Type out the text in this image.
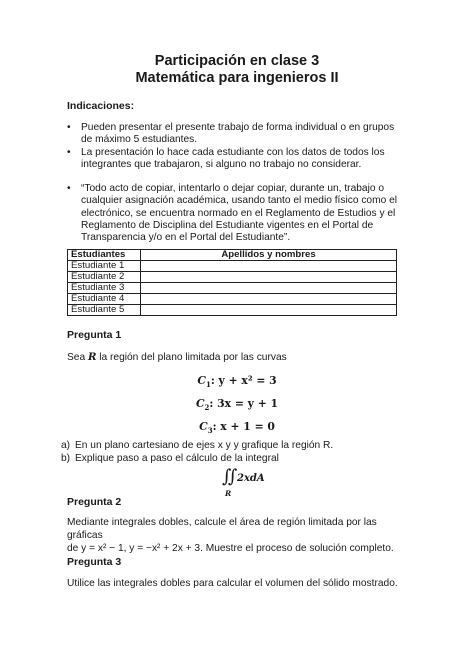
Participación en clase 3
Matemática para ingenieros II
Indicaciones:
• Pueden presentar el presente trabajo de forma individual o en grupos de máximo 5 estudiantes.
• La presentación lo hace cada estudiante con los datos de todos los integrantes que trabajaron, si alguno no trabajo no considerar.
• “Todo acto de copiar, intentarlo o dejar copiar, durante un, trabajo o cualquier asignación académica, usando tanto el medio físico como el electrónico, se encuentra normado en el Reglamento de Estudios y el Reglamento de Disciplina del Estudiante vigentes en el Portal de Transparencia y/o en el Portal del Estudiante”.
Estudiantes	Apellidos y nombres
Estudiante 1	
Estudiante 2	
Estudiante 3	
Estudiante 4	
Estudiante 5	
Pregunta 1
Sea R la región del plano limitada por las curvas
$C_1$: y + x² = 3
$C_2$: 3x = y + 1
$C_3$: x + 1 = 0
a) En un plano cartesiano de ejes x y y grafique la región R.
b) Explique paso a paso el cálculo de la integral
∬
R
2xdA
Pregunta 2
Mediante integrales dobles, calcule el área de región limitada por las gráficas
de y = x² − 1, y = −x² + 2x + 3. Muestre el proceso de solución completo.
Pregunta 3
Utilice las integrales dobles para calcular el volumen del sólido mostrado.
